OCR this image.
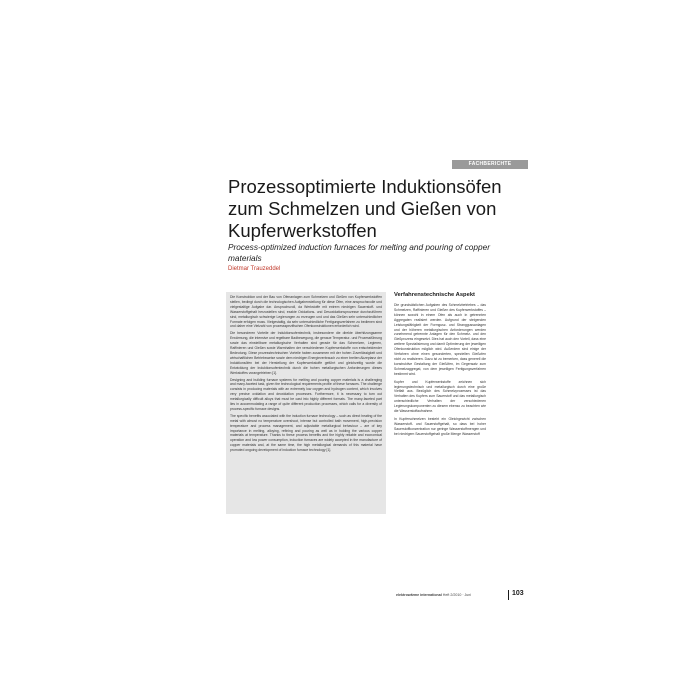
FACHBERICHTE
Prozessoptimierte Induktionsöfen zum Schmelzen und Gießen von Kupferwerkstoffen
Process-optimized induction furnaces for melting and pouring of copper materials
Dietmar Trauzeddel

Die Konstruktion und der Bau von Ofenanlagen zum Schmelzen und Gießen von Kupferwerkstoffen stellen, bedingt durch die technologischen Aufgabenstellung für diese Öfen, eine anspruchsvolle und vielgestaltige Aufgabe dar. Anspruchsvoll, da Werkstoffe mit extrem niedrigen Sauerstoff- und Wasserstoffgehalt herzustellen sind, exakte Oxidations- und Desoxidationsprozesse durchzuführen sind, metallurgisch schwierige Legierungen zu erzeugen und und das Gießen sehr unterschiedlicher Formate erfolgen muss. Vielgestaltig, da sehr unterschiedliche Fertigungsverfahren zu bedienen sind und daher eine Vielzahl von prozessspezifischen Ofenkonstruktionen erforderlich wird.

Die besonderen Vorteile der Induktionsofentechnik, insbesondere die direkte überhitzungsarme Erwärmung, die intensive und regelbare Badbewegung, die genaue Temperatur- und Prozessführung sowie das einstellbare metallurgische Verhalten sind gerade für das Schmelzen, Legieren, Raffinieren und Gießen sowie Warmhalten der verschiedenen Kupferwerkstoffe von entscheidender Bedeutung. Diese prozesstechnischen Vorteile haben zusammen mit der hohen Zuverlässigkeit und wirtschaftlichen Betriebsweise sowie dem niedrigen Energieverbrauch zu einer breiten Akzeptanz der Induktionsöfen bei der Herstellung der Kupferwerkstoffe geführt und gleichzeitig wurde die Entwicklung der Induktionsofentechnik durch die hohen metallurgischen Anforderungen dieses Werkstoffes vorangetrieben [1].

Designing and building furnace systems for melting and pouring copper materials is a challenging and many-faceted task, given the technological requirements profile of these furnaces. The challenge consists in producing materials with an extremely low oxygen and hydrogen content, which involves very precise oxidation and deoxidation processes. Furthermore, it is necessary to turn out metallurgically difficult alloys that must be cast into highly different formats. The many-faceted part lies in accommodating a range of quite different production processes, which calls for a diversity of process-specific furnace designs.

The specific benefits associated with the induction furnace technology – such as direct heating of the metal with almost no temperature overshoot, intense but controlled bath movement, high-precision temperature and process management, and adjustable metallurgical behaviour – are of key importance in melting, alloying, refining and pouring as well as in holding the various copper materials at temperature. Thanks to these process benefits and the highly reliable and economical operation and low power consumption, induction furnaces are widely accepted in the manufacture of copper materials and, at the same time, the high metallurgical demands of this material have promoted ongoing development of induction furnace technology [1].

Verfahrenstechnische Aspekt

Die grundsätzlichen Aufgaben des Schmelzbetriebes – das Schmelzen, Raffinieren und Gießen des Kupferwerkstoffes – können sowohl in einem Ofen als auch in getrennten Aggregaten realisiert werden. Aufgrund der steigenden Leistungsfähigkeit der Formgusz- und Stranggussanlagen und der höheren metallurgischen Anforderungen werden zunehmend getrennte Anlagen für den Schmelz- und den Gießprozess eingesetzt. Dies hat auch den Vorteil, dass eine weitere Spezialisierung und damit Optimierung der jeweiligen Ofenkonstruktion möglich wird. Außerdem sind einige der Verfahren ohne einen gesonderten, speziellen Gießofen nicht zu realisieren. Dazu ist zu bemerken, dass generell die konstruktive Gestaltung der Gießöfen, im Gegensatz zum Schmelzaggregat, von dem jeweiligen Fertigungsverfahren bestimmt wird.

Kupfer und Kupferwerkstoffe zeichnen sich legierungstechnisch und metallurgisch durch eine große Vielfalt aus. Bezüglich des Schmelzprozesses ist das Verhalten des Kupfers zum Sauerstoff und das metallurgisch unterschiedliche Verhalten der verschiedenen Legierungskomponenten zu diesem ebenso zu beachten wie die Wasserstoffaufnahme.

In Kupferschmelzen besteht ein Gleichgewicht zwischen Wasserstoff- und Sauerstoffgehalt, so dass bei hoher Sauerstoffkonzentration nur geringe Wasserstoffmengen und bei niedrigem Sauerstoffgehalt große Menge Wasserstoff

elektrowärme international Heft 2/2010 · Juni	103
